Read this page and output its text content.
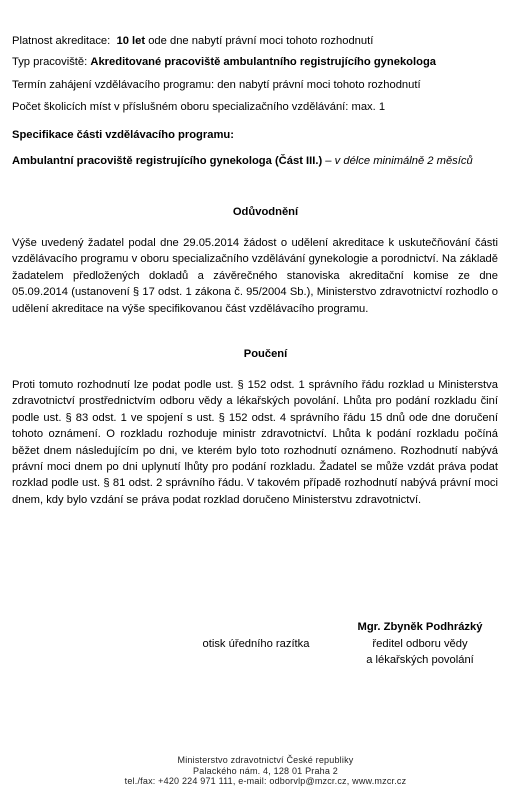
Platnost akreditace: 10 let ode dne nabytí právní moci tohoto rozhodnutí
Typ pracoviště: Akreditované pracoviště ambulantního registrujícího gynekologa
Termín zahájení vzdělávacího programu: den nabytí právní moci tohoto rozhodnutí
Počet školicích míst v příslušném oboru specializačního vzdělávání: max. 1
Specifikace části vzdělávacího programu:
Ambulantní pracoviště registrujícího gynekologa (Část III.) – v délce minimálně 2 měsíců
Odůvodnění
Výše uvedený žadatel podal dne 29.05.2014 žádost o udělení akreditace k uskutečňování části vzdělávacího programu v oboru specializačního vzdělávání gynekologie a porodnictví. Na základě žadatelem předložených dokladů a závěrečného stanoviska akreditační komise ze dne 05.09.2014 (ustanovení § 17 odst. 1 zákona č. 95/2004 Sb.), Ministerstvo zdravotnictví rozhodlo o udělení akreditace na výše specifikovanou část vzdělávacího programu.
Poučení
Proti tomuto rozhodnutí lze podat podle ust. § 152 odst. 1 správního řádu rozklad u Ministerstva zdravotnictví prostřednictvím odboru vědy a lékařských povolání. Lhůta pro podání rozkladu činí podle ust. § 83 odst. 1 ve spojení s ust. § 152 odst. 4 správního řádu 15 dnů ode dne doručení tohoto oznámení. O rozkladu rozhoduje ministr zdravotnictví. Lhůta k podání rozkladu počíná běžet dnem následujícím po dni, ve kterém bylo toto rozhodnutí oznámeno. Rozhodnutí nabývá právní moci dnem po dni uplynutí lhůty pro podání rozkladu. Žadatel se může vzdát práva podat rozklad podle ust. § 81 odst. 2 správního řádu. V takovém případě rozhodnutí nabývá právní moci dnem, kdy bylo vzdání se práva podat rozklad doručeno Ministerstvu zdravotnictví.
otisk úředního razítka
Mgr. Zbyněk Podhrázký
ředitel odboru vědy
a lékařských povolání
Ministerstvo zdravotnictví České republiky
Palackého nám. 4, 128 01 Praha 2
tel./fax: +420 224 971 111, e-mail: odborvlp@mzcr.cz, www.mzcr.cz
